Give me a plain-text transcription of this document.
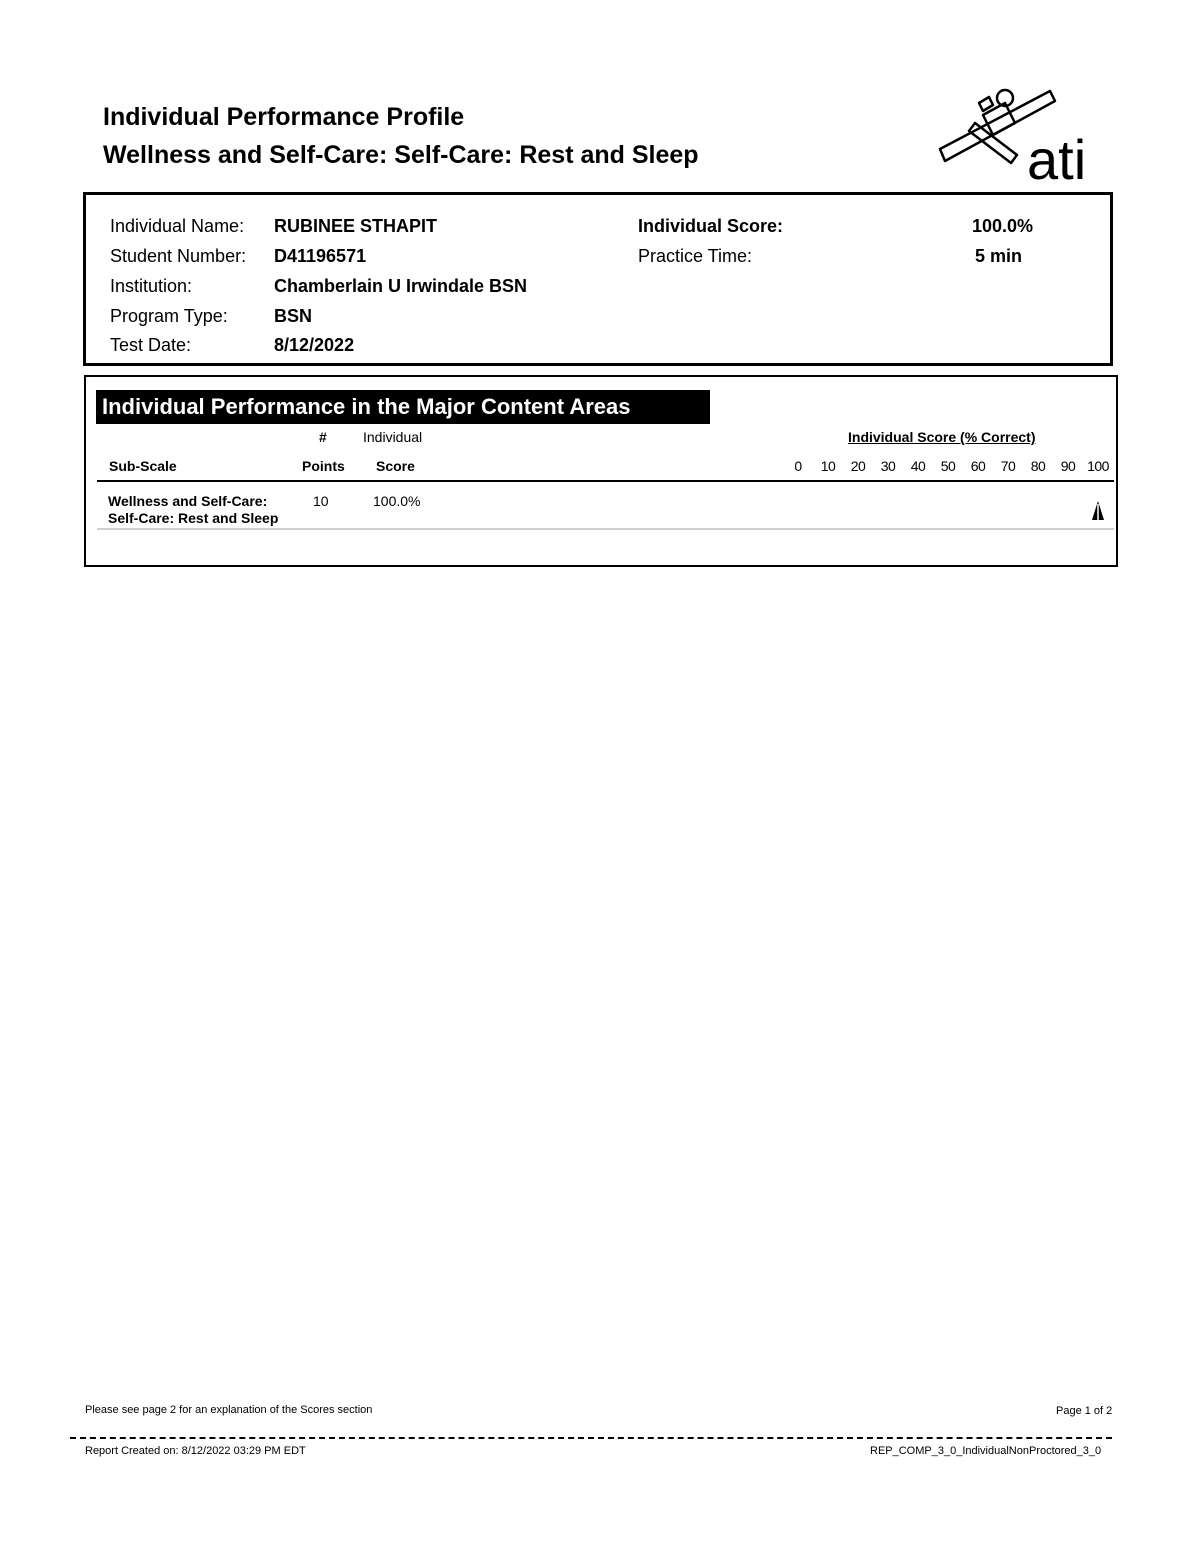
Individual Performance Profile
Wellness and Self-Care: Self-Care: Rest and Sleep	ati
Individual Name: RUBINEE STHAPIT
Student Number: D41196571
Institution:	Chamberlain U Irwindale BSN
Program Type:	BSN
Test Date:	8/12/2022
Individual Score:	100.0%
Practice Time:	5 min
Individual Performance in the Major Content Areas
#	Individual	Individual Score (% Correct)
Sub-Scale	Points Score	0	10	20	30	40	50	60	70	80	90 100
Wellness and Self-Care:
Self-Care: Rest and Sleep
10	100.0%
Please see page 2 for an explanation of the Scores section	Page 1 of 2
Report Created on: 8/12/2022 03:29 PM EDT	REP_COMP_3_0_IndividualNonProctored_3_0
